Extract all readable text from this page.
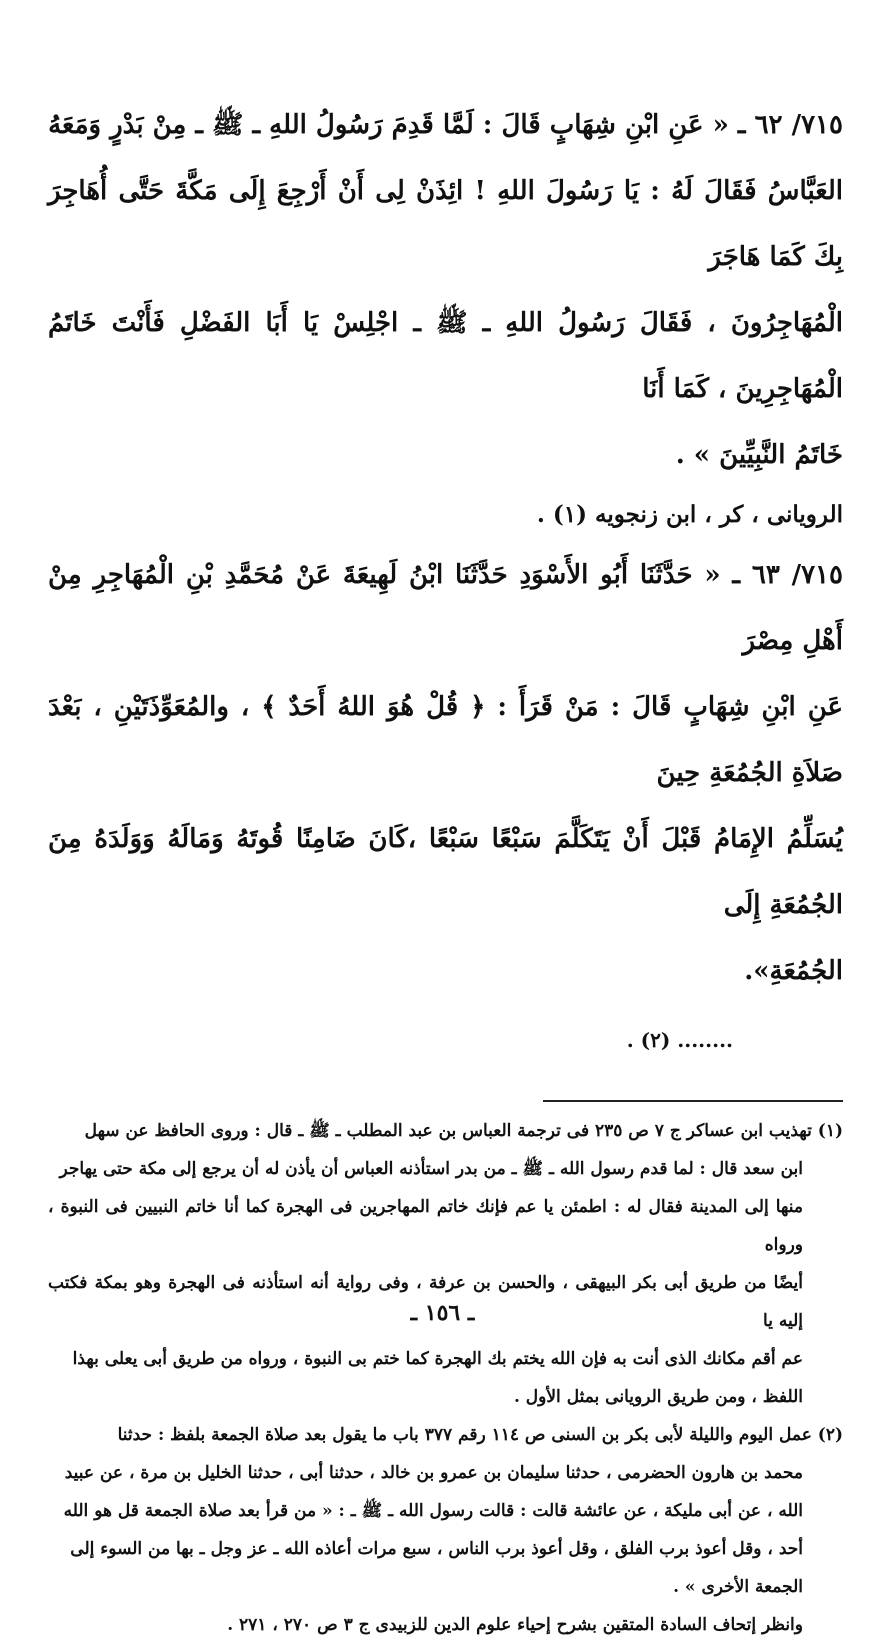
٧١٥/ ٦٢ ـ « عَنِ ابْنِ شِهَابٍ قَالَ : لَمَّا قَدِمَ رَسُولُ اللهِ ـ ﷺ ـ مِنْ بَدْرٍ وَمَعَهُ

العَبَّاسُ فَقَالَ لَهُ : يَا رَسُولَ اللهِ ! ائِذَنْ لِى أَنْ أَرْجِعَ إِلَى مَكَّةَ حَتَّى أُهَاجِرَ بِكَ كَمَا هَاجَرَ

الْمُهَاجِرُونَ ، فَقَالَ رَسُولُ اللهِ ـ ﷺ ـ اجْلِسْ يَا أَبَا الفَضْلِ فَأَنْتَ خَاتَمُ الْمُهَاجِرِينَ ، كَمَا أَنَا

خَاتَمُ النَّبِيِّينَ » .

الرويانى ، كر ، ابن زنجويه (١) .

٧١٥/ ٦٣ ـ « حَدَّثَنَا أَبُو الأَسْوَدِ حَدَّثَنَا ابْنُ لَهِيعَةَ عَنْ مُحَمَّدِ بْنِ الْمُهَاجِرِ مِنْ أَهْلِ مِصْرَ

عَنِ ابْنِ شِهَابٍ قَالَ : مَنْ قَرَأَ : ﴿ قُلْ هُوَ اللهُ أَحَدٌ ﴾ ، والمُعَوِّذَتَيْنِ ، بَعْدَ صَلاَةِ الجُمُعَةِ حِينَ

يُسَلِّمُ الإِمَامُ قَبْلَ أَنْ يَتَكَلَّمَ سَبْعًا سَبْعًا ،كَانَ ضَامِنًا قُوتَهُ وَمَالَهُ وَوَلَدَهُ مِنَ الجُمُعَةِ إِلَى

الجُمُعَةِ».

........ (٢) .

(١) تهذيب ابن عساكر ج ٧ ص ٢٣٥ فى ترجمة العباس بن عبد المطلب ـ ﷺ ـ قال : وروى الحافظ عن سهل

ابن سعد قال : لما قدم رسول الله ـ ﷺ ـ من بدر استأذنه العباس أن يأذن له أن يرجع إلى مكة حتى يهاجر

منها إلى المدينة فقال له : اطمئن يا عم فإنك خاتم المهاجرين فى الهجرة كما أنا خاتم النبيين فى النبوة ، ورواه

أيضًا من طريق أبى بكر البيهقى ، والحسن بن عرفة ، وفى رواية أنه استأذنه فى الهجرة وهو بمكة فكتب إليه يا

عم أقم مكانك الذى أنت به فإن الله يختم بك الهجرة كما ختم بى النبوة ، ورواه من طريق أبى يعلى بهذا

اللفظ ، ومن طريق الرويانى بمثل الأول .

(٢) عمل اليوم والليلة لأبى بكر بن السنى ص ١١٤ رقم ٣٧٧ باب ما يقول بعد صلاة الجمعة بلفظ : حدثنا

محمد بن هارون الحضرمى ، حدثنا سليمان بن عمرو بن خالد ، حدثنا أبى ، حدثنا الخليل بن مرة ، عن عبيد

الله ، عن أبى مليكة ، عن عائشة قالت : قالت رسول الله ـ ﷺ ـ : « من قرأ بعد صلاة الجمعة قل هو الله

أحد ، وقل أعوذ برب الفلق ، وقل أعوذ برب الناس ، سبع مرات أعاذه الله ـ عز وجل ـ بها من السوء إلى

الجمعة الأخرى » .

وانظر إتحاف السادة المتقين بشرح إحياء علوم الدين للزبيدى ج ٣ ص ٢٧٠ ، ٢٧١ .

ـ ١٥٦ ـ
